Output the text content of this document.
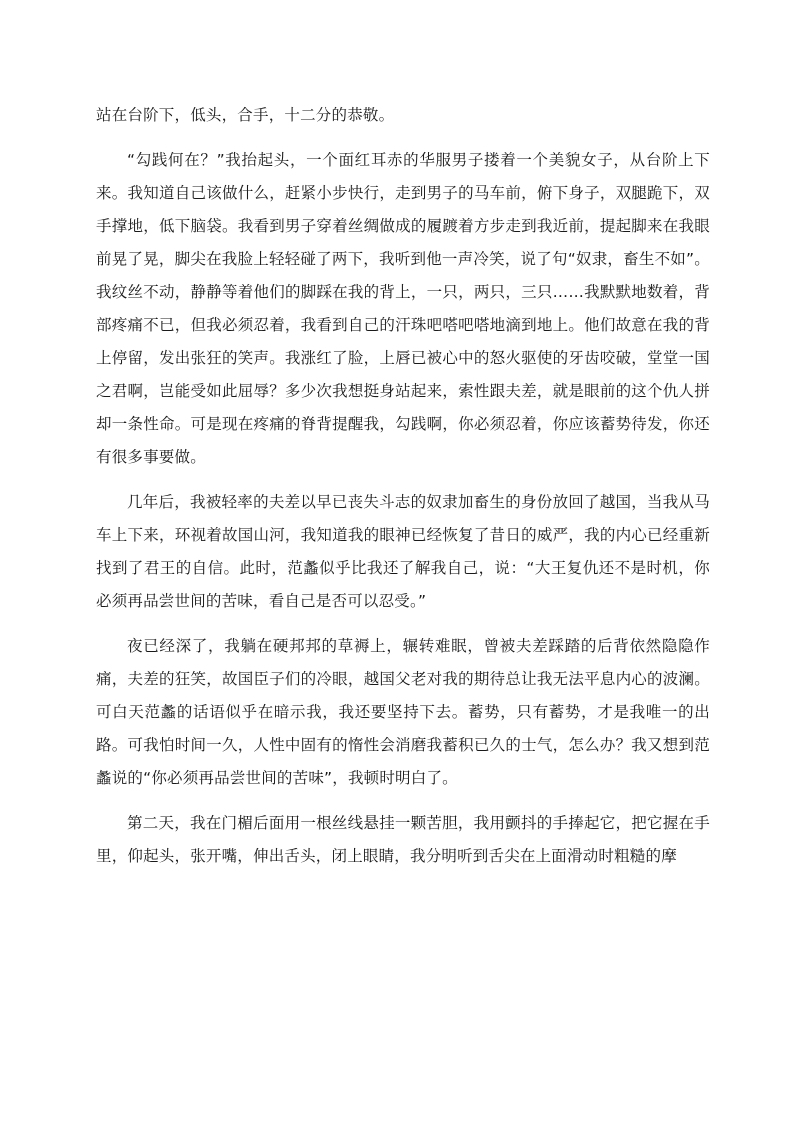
站在台阶下，低头，合手，十二分的恭敬。

“勾践何在？”我抬起头，一个面红耳赤的华服男子搂着一个美貌女子，从台阶上下来。我知道自己该做什么，赶紧小步快行，走到男子的马车前，俯下身子，双腿跪下，双手撑地，低下脑袋。我看到男子穿着丝绸做成的履踱着方步走到我近前，提起脚来在我眼前晃了晃，脚尖在我脸上轻轻碰了两下，我听到他一声冷笑，说了句“奴隶，畜生不如”。我纹丝不动，静静等着他们的脚踩在我的背上，一只，两只，三只……我默默地数着，背部疼痛不已，但我必须忍着，我看到自己的汗珠吧嗒吧嗒地滴到地上。他们故意在我的背上停留，发出张狂的笑声。我涨红了脸，上唇已被心中的怒火驱使的牙齿咬破，堂堂一国之君啊，岂能受如此屈辱？多少次我想挺身站起来，索性跟夫差，就是眼前的这个仇人拼却一条性命。可是现在疼痛的脊背提醒我，勾践啊，你必须忍着，你应该蓄势待发，你还有很多事要做。

几年后，我被轻率的夫差以早已丧失斗志的奴隶加畜生的身份放回了越国，当我从马车上下来，环视着故国山河，我知道我的眼神已经恢复了昔日的威严，我的内心已经重新找到了君王的自信。此时，范蠡似乎比我还了解我自己，说：“大王复仇还不是时机，你必须再品尝世间的苦味，看自己是否可以忍受。”

夜已经深了，我躺在硬邦邦的草褥上，辗转难眠，曾被夫差踩踏的后背依然隐隐作痛，夫差的狂笑，故国臣子们的冷眼，越国父老对我的期待总让我无法平息内心的波澜。可白天范蠡的话语似乎在暗示我，我还要坚持下去。蓄势，只有蓄势，才是我唯一的出路。可我怕时间一久，人性中固有的惰性会消磨我蓄积已久的士气，怎么办？我又想到范蠡说的“你必须再品尝世间的苦味”，我顿时明白了。

第二天，我在门楣后面用一根丝线悬挂一颗苦胆，我用颤抖的手捧起它，把它握在手里，仰起头，张开嘴，伸出舌头，闭上眼睛，我分明听到舌尖在上面滑动时粗糙的摩
